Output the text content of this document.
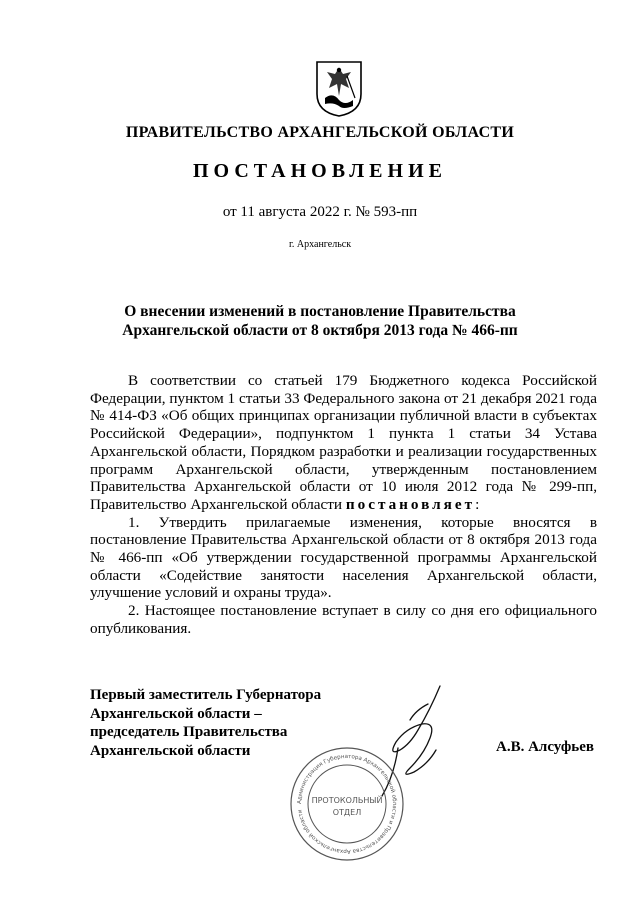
ПРАВИТЕЛЬСТВО АРХАНГЕЛЬСКОЙ ОБЛАСТИ
ПОСТАНОВЛЕНИЕ
от 11 августа 2022 г. № 593-пп
г. Архангельск
О внесении изменений в постановление Правительства
Архангельской области от 8 октября 2013 года № 466-пп

В соответствии со статьей 179 Бюджетного кодекса Российской Федерации, пунктом 1 статьи 33 Федерального закона от 21 декабря 2021 года № 414-ФЗ «Об общих принципах организации публичной власти в субъектах Российской Федерации», подпунктом 1 пункта 1 статьи 34 Устава Архангельской области, Порядком разработки и реализации государственных программ Архангельской области, утвержденным постановлением Правительства Архангельской области от 10 июля 2012 года № 299-пп, Правительство Архангельской области постановляет:

1. Утвердить прилагаемые изменения, которые вносятся в постановление Правительства Архангельской области от 8 октября 2013 года № 466-пп «Об утверждении государственной программы Архангельской области «Содействие занятости населения Архангельской области, улучшение условий и охраны труда».

2. Настоящее постановление вступает в силу со дня его официального опубликования.

Первый заместитель Губернатора
Архангельской области –
председатель Правительства
Архангельской области
Администрация Губернатора Архангельской области и Правительства Архангельской области
ПРОТОКОЛЬНЫЙ
ОТДЕЛ
А.В. Алсуфьев
